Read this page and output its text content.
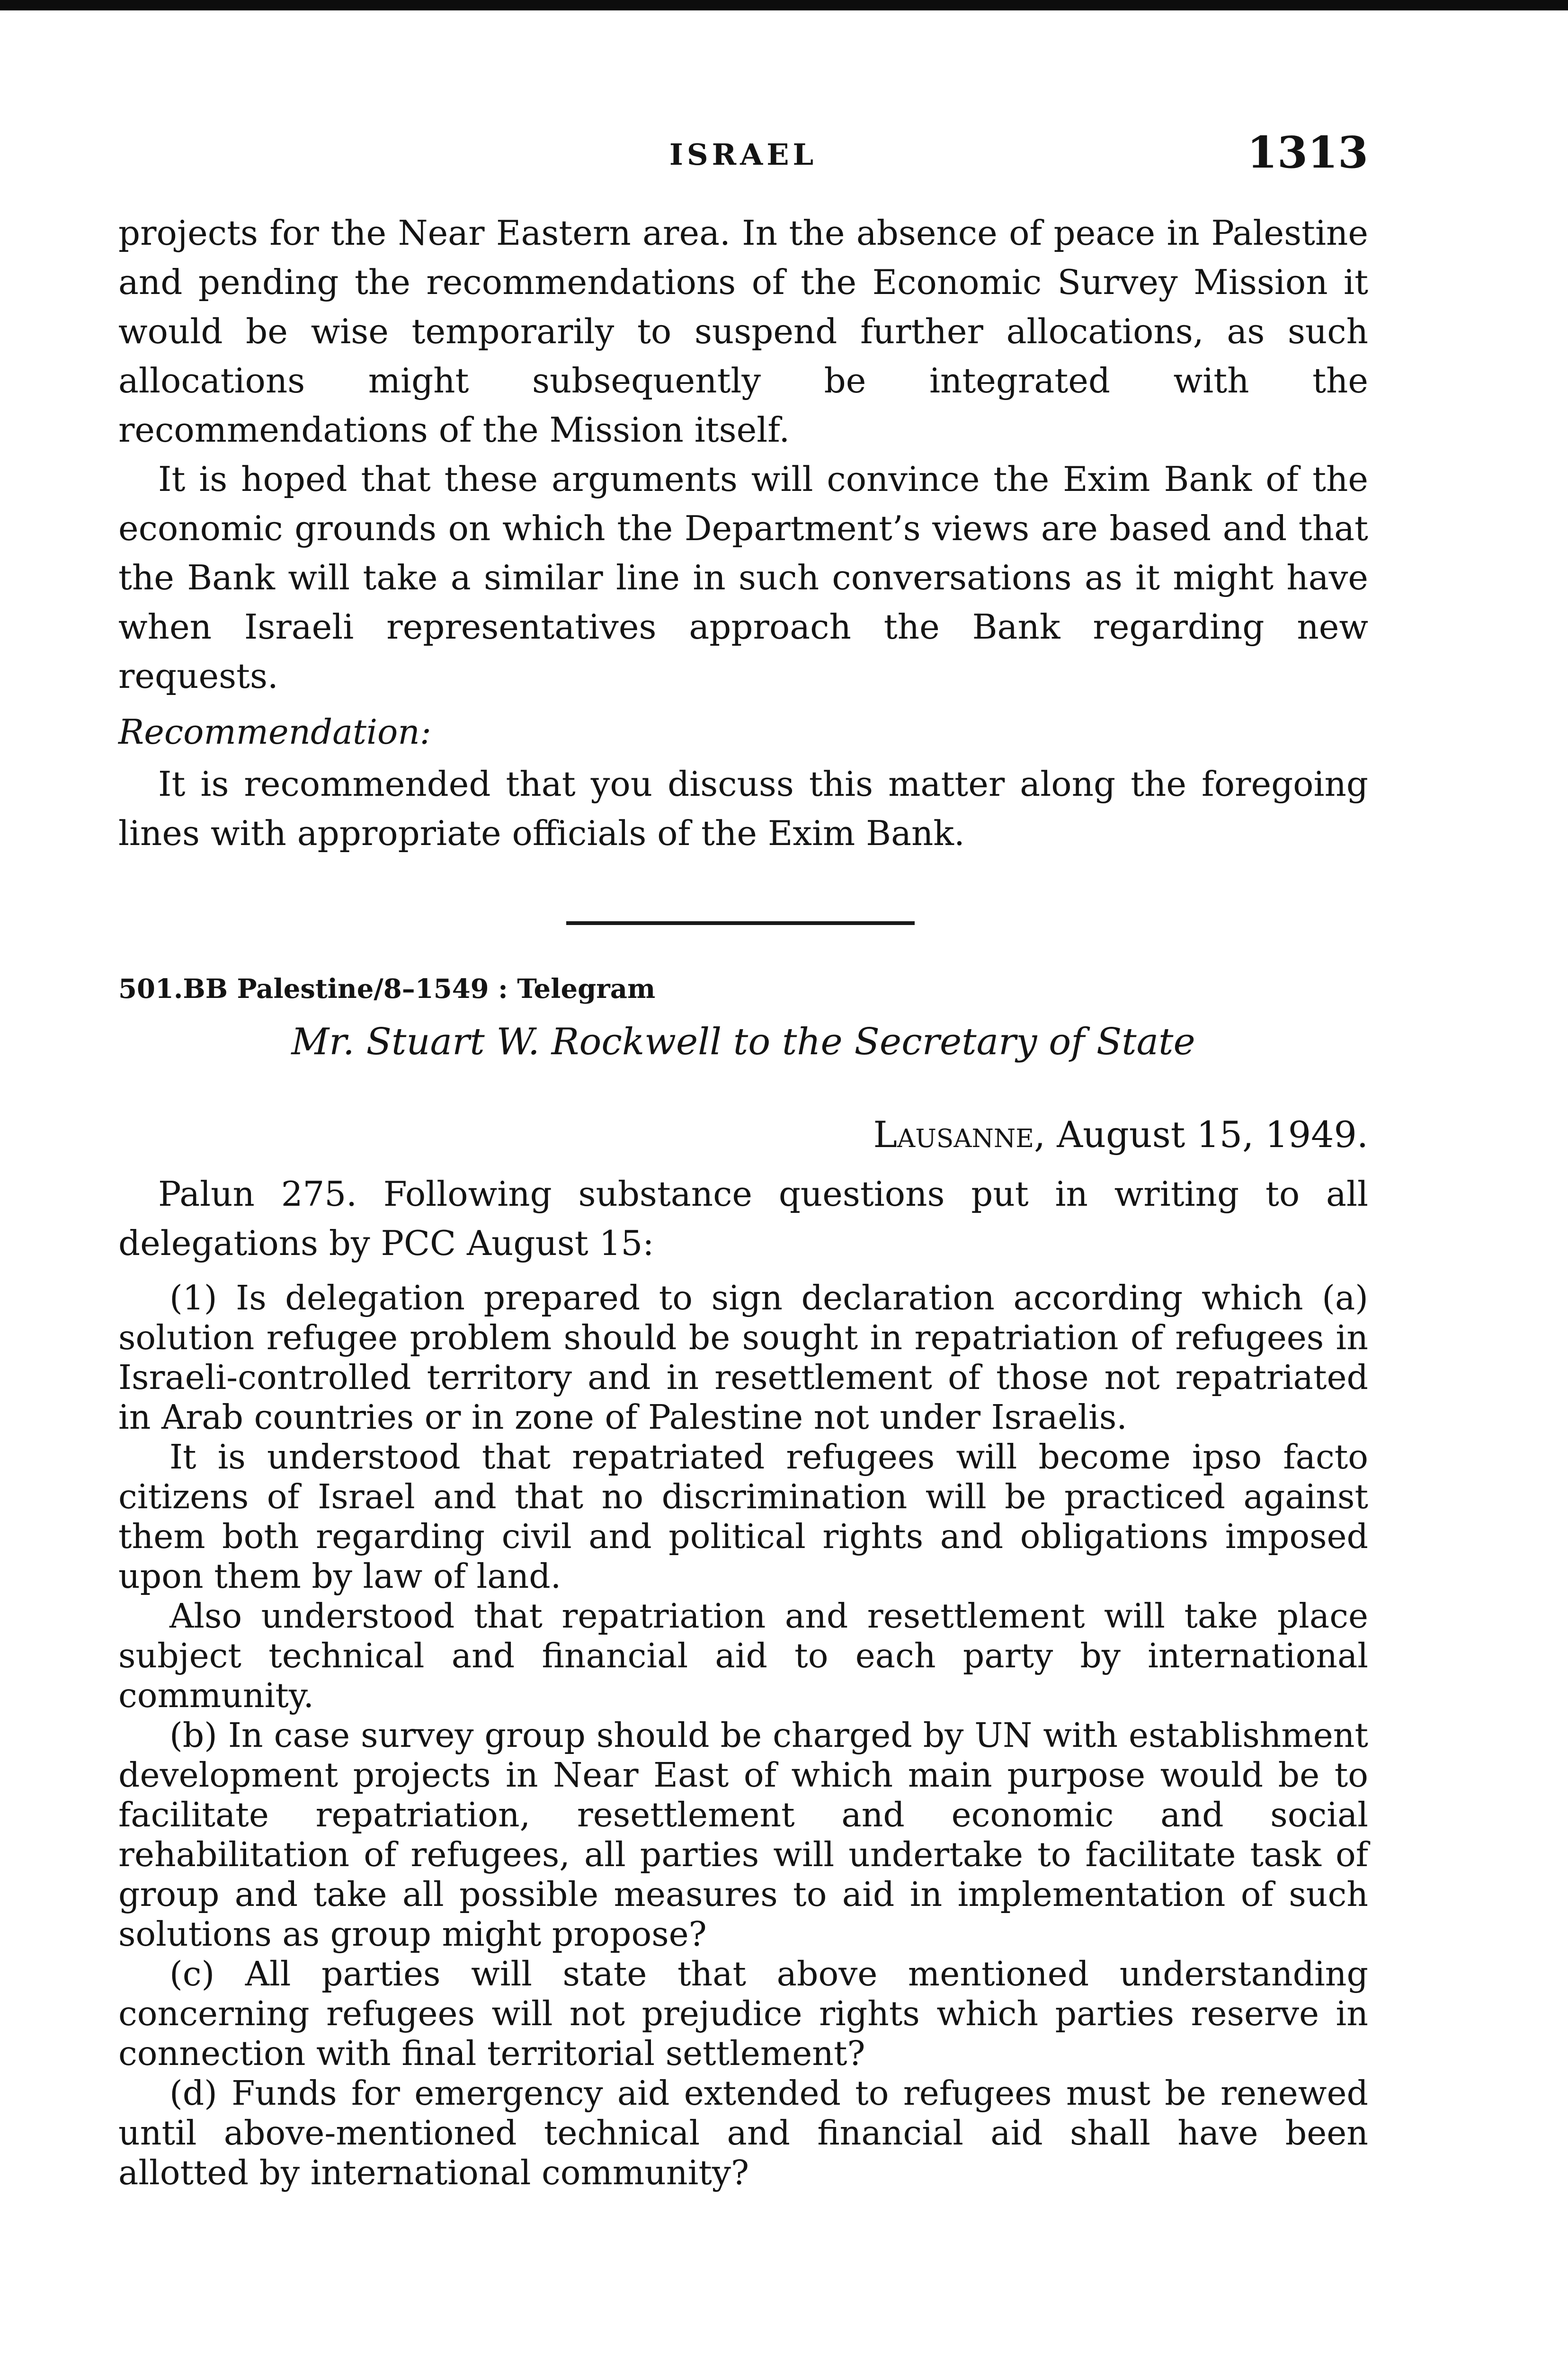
ISRAEL	1313

projects for the Near Eastern area. In the absence of peace in Palestine and pending the recommendations of the Economic Survey Mission it would be wise temporarily to suspend further allocations, as such allocations might subsequently be integrated with the recommendations of the Mission itself.

It is hoped that these arguments will convince the Exim Bank of the economic grounds on which the Department’s views are based and that the Bank will take a similar line in such conversations as it might have when Israeli representatives approach the Bank regarding new requests.

Recommendation:

It is recommended that you discuss this matter along the foregoing lines with appropriate officials of the Exim Bank.

501.BB Palestine/8–1549 : Telegram
Mr. Stuart W. Rockwell to the Secretary of State
Lausanne, August 15, 1949.

Palun 275. Following substance questions put in writing to all delegations by PCC August 15:

(1) Is delegation prepared to sign declaration according which (a) solution refugee problem should be sought in repatriation of refugees in Israeli-controlled territory and in resettlement of those not repatriated in Arab countries or in zone of Palestine not under Israelis.

It is understood that repatriated refugees will become ipso facto citizens of Israel and that no discrimination will be practiced against them both regarding civil and political rights and obligations imposed upon them by law of land.

Also understood that repatriation and resettlement will take place subject technical and financial aid to each party by international community.

(b) In case survey group should be charged by UN with establishment development projects in Near East of which main purpose would be to facilitate repatriation, resettlement and economic and social rehabilitation of refugees, all parties will undertake to facilitate task of group and take all possible measures to aid in implementation of such solutions as group might propose?

(c) All parties will state that above mentioned understanding concerning refugees will not prejudice rights which parties reserve in connection with final territorial settlement?

(d) Funds for emergency aid extended to refugees must be renewed until above-mentioned technical and financial aid shall have been allotted by international community?
